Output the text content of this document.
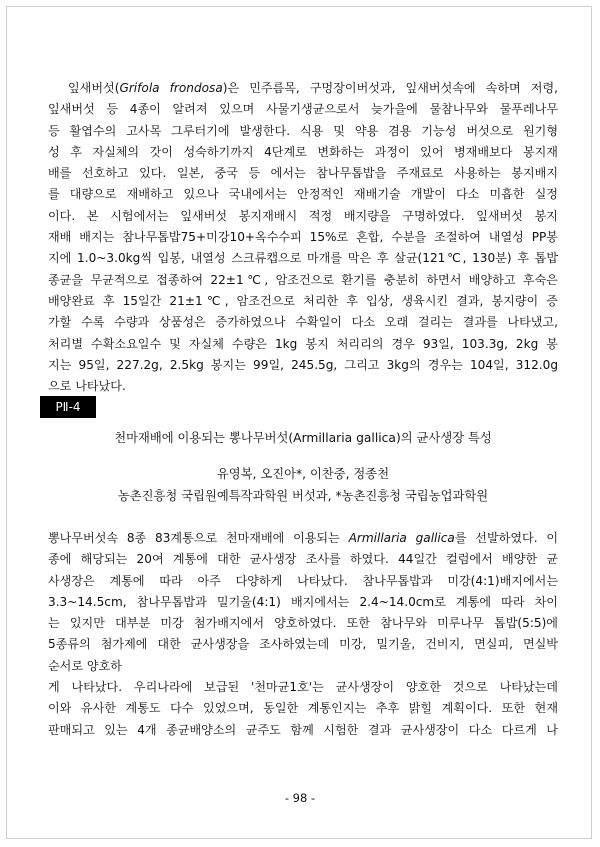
잎새버섯(Grifola frondosa)은 민주름목, 구멍장이버섯과, 잎새버섯속에 속하며 저령,
잎새버섯 등 4종이 알려져 있으며 사물기생균으로서 늦가을에 물참나무와 물푸레나무
등 활엽수의 고사목 그루터기에 발생한다. 식용 및 약용 겸용 기능성 버섯으로 원기형
성 후 자실체의 갓이 성숙하기까지 4단계로 변화하는 과정이 있어 병재배보다 봉지재
배를 선호하고 있다. 일본, 중국 등 에서는 참나무톱밥을 주재료로 사용하는 봉지배지
를 대량으로 재배하고 있으나 국내에서는 안정적인 재배기술 개발이 다소 미흡한 실정
이다. 본 시험에서는 잎새버섯 봉지재배시 적정 배지량을 구명하였다. 잎새버섯 봉지
재배 배지는 참나무톱밥75+미강10+옥수수피 15%로 혼합, 수분을 조절하여 내열성 PP봉
지에 1.0~3.0kg씩 입봉, 내열성 스크류캡으로 마개를 막은 후 살균(121℃, 130분) 후 톱밥
종균을 무균적으로 접종하여 22±1℃, 암조건으로 환기를 충분히 하면서 배양하고 후숙은
배양완료 후 15일간 21±1℃, 암조건으로 처리한 후 입상, 생육시킨 결과, 봉지량이 증
가할 수록 수량과 상품성은 증가하였으나 수확일이 다소 오래 걸리는 결과를 나타냈고,
처리별 수확소요일수 및 자실체 수량은 1kg 봉지 처리리의 경우 93일, 103.3g, 2kg 봉
지는 95일, 227.2g, 2.5kg 봉지는 99일, 245.5g, 그리고 3kg의 경우는 104일, 312.0g
으로 나타났다.
PⅡ-4
천마재배에 이용되는 뽕나무버섯(Armillaria gallica)의 균사생장 특성
유영복, 오진아*, 이찬중, 정종천
농촌진흥청 국립원예특작과학원 버섯과, *농촌진흥청 국립농업과학원
뽕나무버섯속 8종 83계통으로 천마재배에 이용되는 Armillaria gallica를 선발하였다. 이
종에 해당되는 20여 계통에 대한 균사생장 조사를 하였다. 44일간 컬럼에서 배양한 균
사생장은 계통에 따라 아주 다양하게 나타났다. 참나무톱밥과 미강(4:1)배지에서는
3.3~14.5cm, 참나무톱밥과 밀기울(4:1) 배지에서는 2.4~14.0cm로 계통에 따라 차이
는 있지만 대부분 미강 첨가배지에서 양호하였다. 또한 참나무와 미루나무 톱밥(5:5)에
5종류의 첨가제에 대한 균사생장을 조사하였는데 미강, 밀기울, 건비지, 면실피, 면실박
순서로 양호하
게 나타났다. 우리나라에 보급된 '천마균1호'는 균사생장이 양호한 것으로 나타났는데
이와 유사한 계통도 다수 있었으며, 동일한 계통인지는 추후 밝힐 계획이다. 또한 현재
판매되고 있는 4개 종균배양소의 균주도 함께 시험한 결과 균사생장이 다소 다르게 나
- 98 -
